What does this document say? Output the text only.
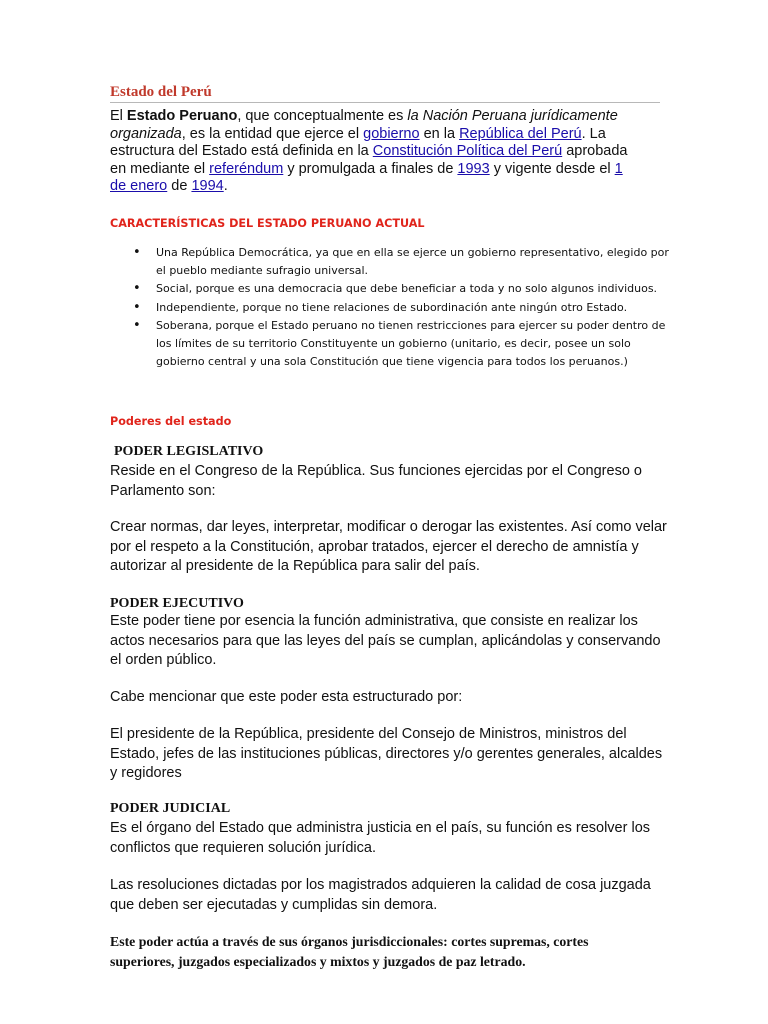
Estado del Perú

El Estado Peruano, que conceptualmente es la Nación Peruana jurídicamente organizada, es la entidad que ejerce el gobierno en la República del Perú. La estructura del Estado está definida en la Constitución Política del Perú aprobada en mediante el referéndum y promulgada a finales de 1993 y vigente desde el 1 de enero de 1994.

CARACTERÍSTICAS DEL ESTADO PERUANO ACTUAL
• Una República Democrática, ya que en ella se ejerce un gobierno representativo, elegido por el pueblo mediante sufragio universal.
• Social, porque es una democracia que debe beneficiar a toda y no solo algunos individuos.
• Independiente, porque no tiene relaciones de subordinación ante ningún otro Estado.
• Soberana, porque el Estado peruano no tienen restricciones para ejercer su poder dentro de los límites de su territorio Constituyente un gobierno (unitario, es decir, posee un solo gobierno central y una sola Constitución que tiene vigencia para todos los peruanos.)
Poderes del estado
PODER LEGISLATIVO

Reside en el Congreso de la República. Sus funciones ejercidas por el Congreso o Parlamento son:

Crear normas, dar leyes, interpretar, modificar o derogar las existentes. Así como velar por el respeto a la Constitución, aprobar tratados, ejercer el derecho de amnistía y autorizar al presidente de la República para salir del país.

PODER EJECUTIVO

Este poder tiene por esencia la función administrativa, que consiste en realizar los actos necesarios para que las leyes del país se cumplan, aplicándolas y conservando el orden público.

Cabe mencionar que este poder esta estructurado por:

El presidente de la República, presidente del Consejo de Ministros, ministros del Estado, jefes de las instituciones públicas, directores y/o gerentes generales, alcaldes y regidores

PODER JUDICIAL

Es el órgano del Estado que administra justicia en el país, su función es resolver los conflictos que requieren solución jurídica.

Las resoluciones dictadas por los magistrados adquieren la calidad de cosa juzgada que deben ser ejecutadas y cumplidas sin demora.

Este poder actúa a través de sus órganos jurisdiccionales: cortes supremas, cortes superiores, juzgados especializados y mixtos y juzgados de paz letrado.
